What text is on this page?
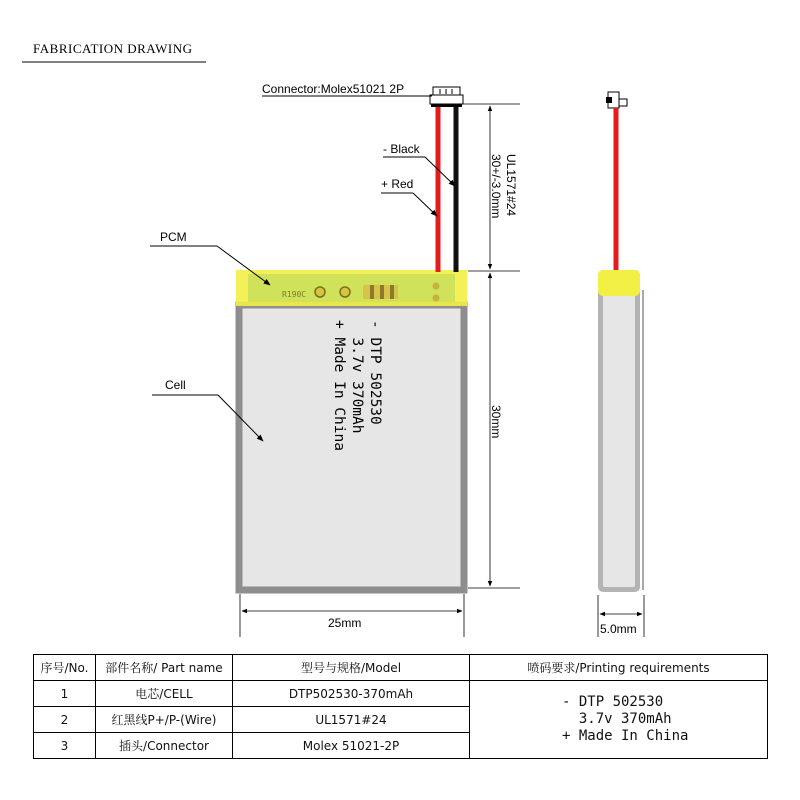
FABRICATION DRAWING
R190C
Connector:Molex51021 2P
- Black
+ Red
PCM
Cell	- DTP 502530
3.7v 370mAh
+ Made In China
UL1571#24
30+/-3.0mm
30mm
25mm	5.0mm
序号/No.	部件名称/ Part name	型号与规格/Model	喷码要求/Printing requirements
1	电芯/CELL	DTP502530-370mAh	- DTP 502530
3.7v 370mAh
+ Made In China

2	红黑线P+/P-(Wire)	UL1571#24	
3	插头/Connector	Molex 51021-2P	
